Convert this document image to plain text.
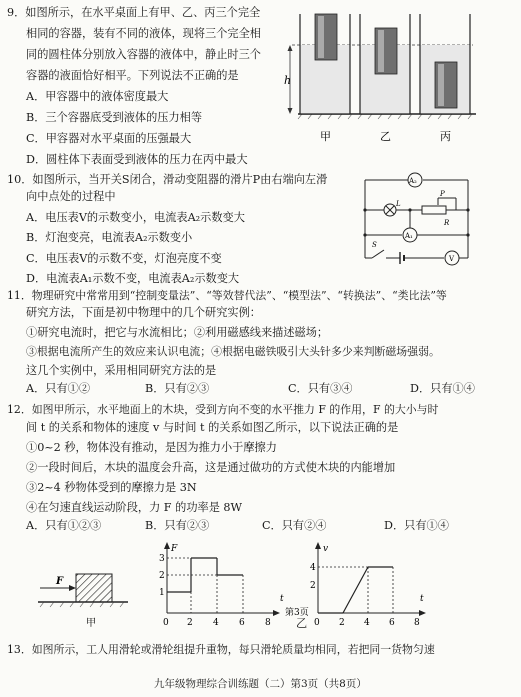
9．如图所示，在水平桌面上有甲、乙、丙三个完全
相同的容器，装有不同的液体，现将三个完全相
同的圆柱体分别放入容器的液体中，静止时三个
容器的液面恰好相平。下列说法不正确的是
A．甲容器中的液体密度最大
B．三个容器底受到液体的压力相等
C．甲容器对水平桌面的压强最大
D．圆柱体下表面受到液体的压力在丙中最大
h
甲	乙	丙
10．如图所示，当开关S闭合，滑动变阻器的滑片P由右端向左滑
向中点处的过程中
A．电压表V的示数变小，电流表A₂示数变大
B．灯泡变亮，电流表A₂示数变小
C．电压表V的示数不变，灯泡亮度不变
D．电流表A₁示数不变，电流表A₂示数变大
A₂
L
P
R
A₁
S
V
11．物理研究中常常用到“控制变量法”、“等效替代法”、“模型法”、“转换法”、“类比法”等
研究方法，下面是初中物理中的几个研究实例：
①研究电流时，把它与水流相比；②利用磁感线来描述磁场；
③根据电流所产生的效应来认识电流；④根据电磁铁吸引大头针多少来判断磁场强弱。
这几个实例中，采用相同研究方法的是
A．只有①②	B．只有②③	C．只有③④	D．只有①④
12．如图甲所示，水平地面上的木块，受到方向不变的水平推力 F 的作用，F 的大小与时
间 t 的关系和物体的速度 v 与时间 t 的关系如图乙所示，以下说法正确的是
①0~2 秒，物体没有推动，是因为推力小于摩擦力
②一段时间后，木块的温度会升高，这是通过做功的方式使木块的内能增加
③2~4 秒物体受到的摩擦力是 3N
④在匀速直线运动阶段，力 F 的功率是 8W
A．只有①②③	B．只有②③	C．只有②④	D．只有①④
F
甲
F
t
1
2
3
0 2 4 6 8
第3页
v
t
2
4
0 2 4 6 8
乙
13．如图所示，工人用滑轮或滑轮组提升重物，每只滑轮质量均相同，若把同一货物匀速
九年级物理综合训练题（二）第3页（共8页）
